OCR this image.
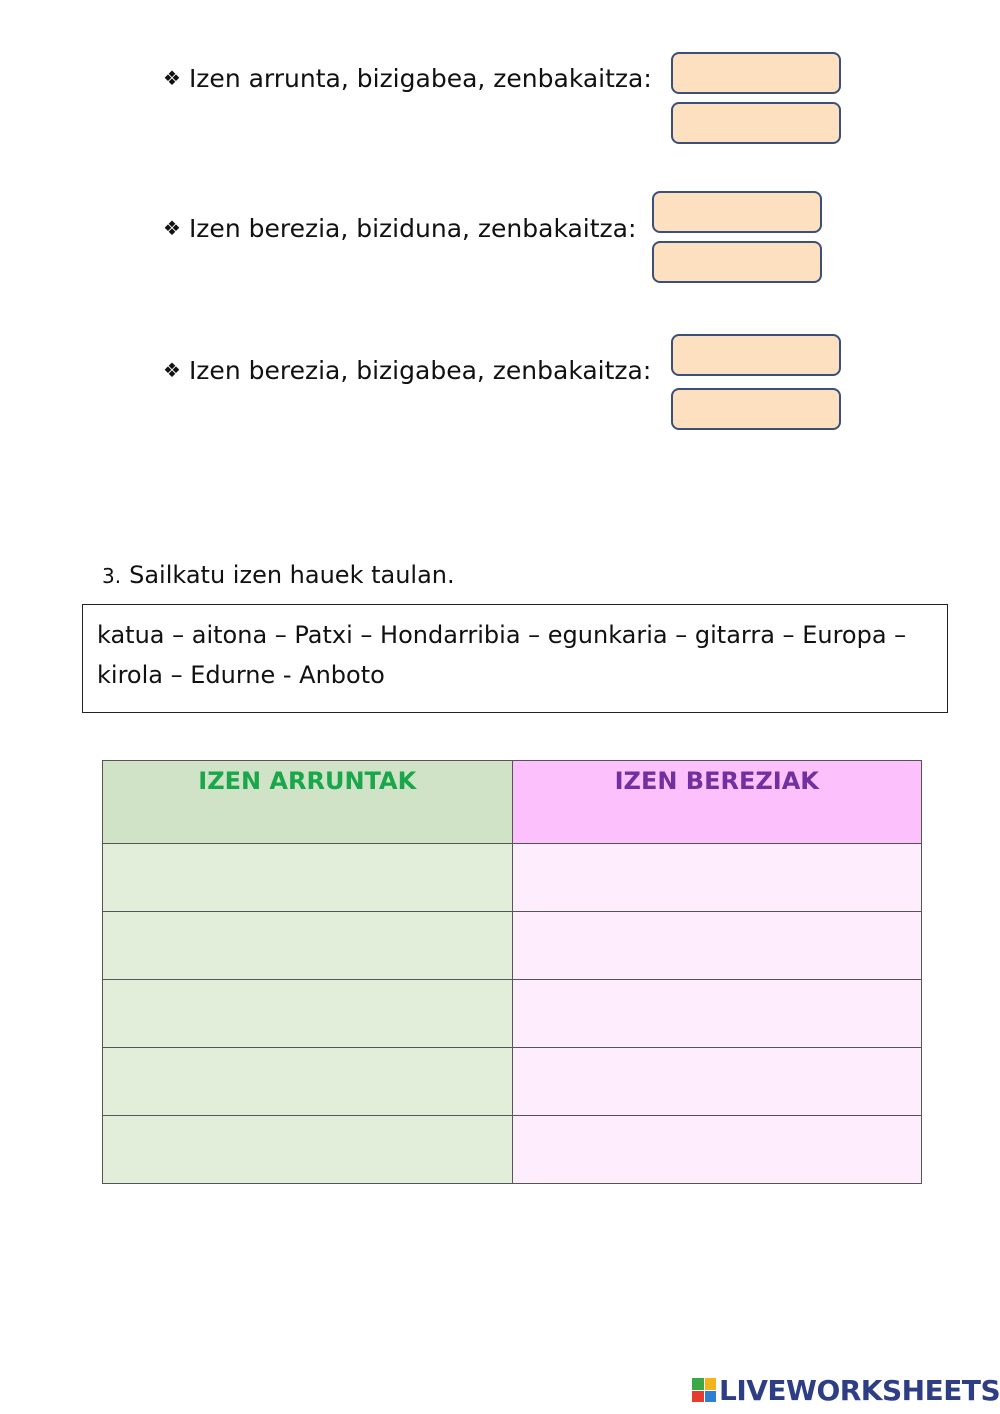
❖ Izen arrunta, bizigabea, zenbakaitza:
❖ Izen berezia, biziduna, zenbakaitza:
❖ Izen berezia, bizigabea, zenbakaitza:
3. Sailkatu izen hauek taulan.
katua – aitona – Patxi – Hondarribia – egunkaria – gitarra – Europa –
kirola – Edurne - Anboto
IZEN ARRUNTAK	IZEN BEREZIAK

LIVEWORKSHEETS
